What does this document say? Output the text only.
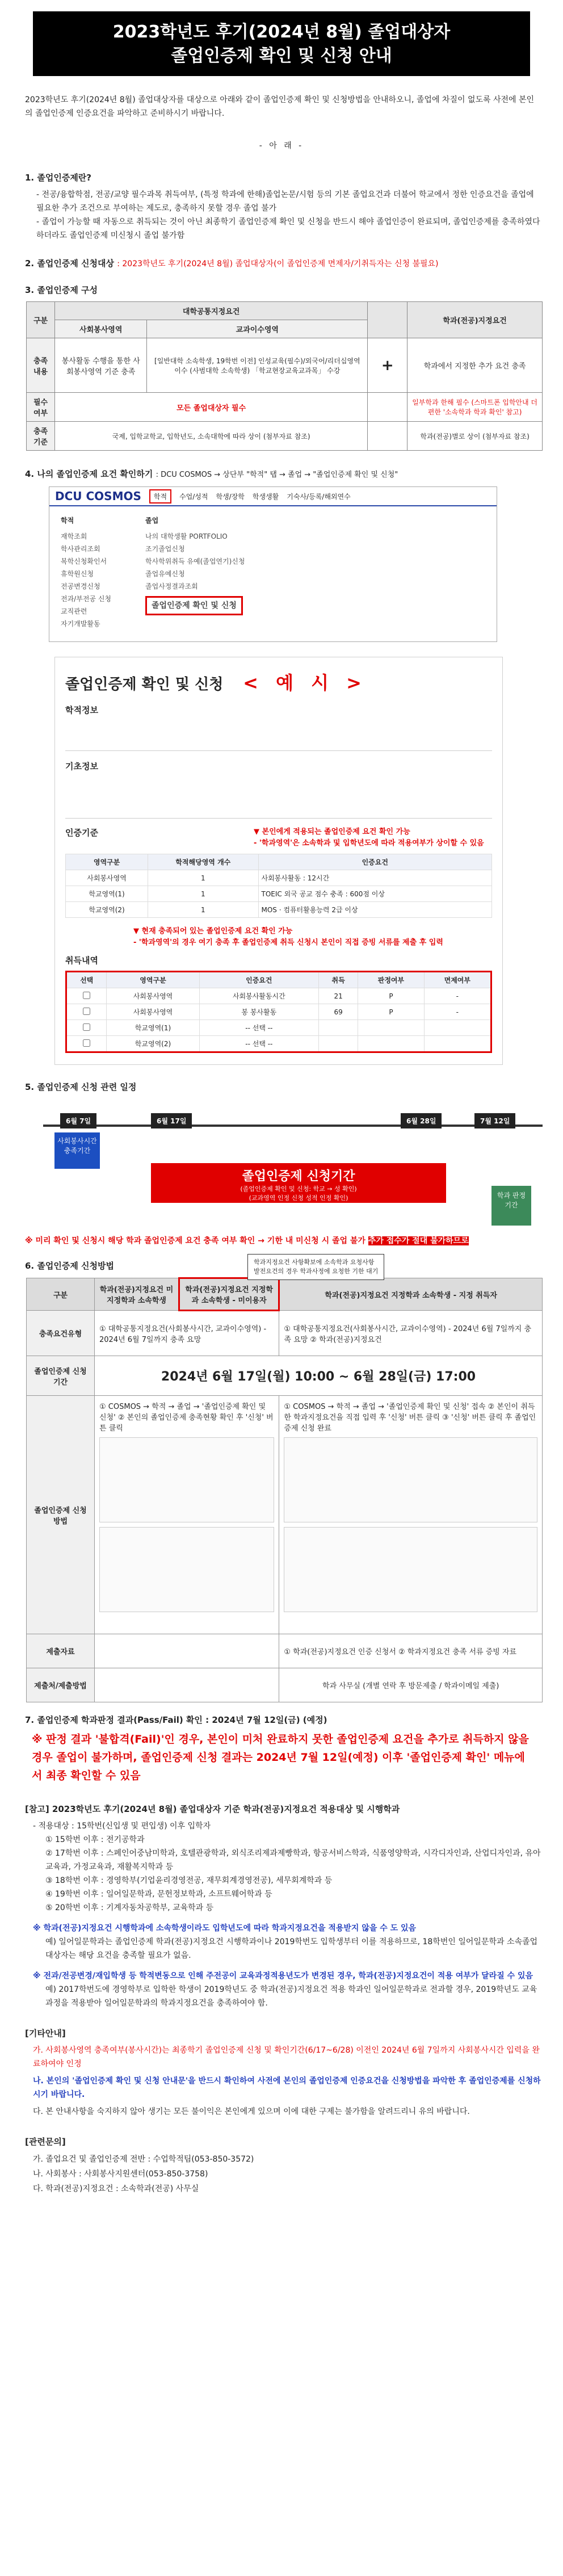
2023학년도 후기(2024년 8월) 졸업대상자
졸업인증제 확인 및 신청 안내

2023학년도 후기(2024년 8월) 졸업대상자를 대상으로 아래와 같이 졸업인증제 확인 및 신청방법을 안내하오니, 졸업에 차질이 없도록 사전에 본인의 졸업인증제 인증요건을 파악하고 준비하시기 바랍니다.

- 아 래 -
1. 졸업인증제란?

- 전공/융합학점, 전공/교양 필수과목 취득여부, (특정 학과에 한해)졸업논문/시험 등의 기본 졸업요건과 더불어 학교에서 정한 인증요건을 졸업에 필요한 추가 조건으로 부여하는 제도로, 충족하지 못할 경우 졸업 불가

- 졸업이 가능할 때 자동으로 취득되는 것이 아닌 최종학기 졸업인증제 확인 및 신청을 반드시 해야 졸업인증이 완료되며, 졸업인증제를 충족하였다 하더라도 졸업인증제 미신청시 졸업 불가함

2. 졸업인증제 신청대상 : 2023학년도 후기(2024년 8월) 졸업대상자(이 졸업인증제 면제자/기취득자는 신청 불필요)
3. 졸업인증제 구성
구분	대학공통지정요건			학과(전공)지정요건
	사회봉사영역	교과이수영역		
충족 내용	봉사활동 수행을 통한 사회봉사영역 기준 충족	[일반대학 소속학생, 19학번 이전] 인성교육(필수)/외국어/리더십영역 이수 (사범대학 소속학생) 「학교현장교육교과목」 수강	+	학과에서 지정한 추가 요건 충족
필수 여부	모든 졸업대상자 필수			일부학과 한해 필수 (스마트폰 입학안내 더 편한 '소속학과 학과 확인' 참고)
충족 기준	국제, 입학교학교, 입학년도, 소속대학에 따라 상이 (첨부자료 참조)			학과(전공)별로 상이 (첨부자료 참조)
4. 나의 졸업인증제 요건 확인하기 : DCU COSMOS → 상단부 "학적" 탭 → 졸업 → "졸업인증제 확인 및 신청"
DCU COSMOS	학적	수업/성적 학생/장학 학생생활 기숙사/등록/해외연수
학적
재학조회
학사관리조회
복학신청확인서
휴학원신청
전공변경신청
전과/부전공 신청
교직관련
자기개발활동
졸업
나의 대학생활 PORTFOLIO
조기졸업신청
학사학위취득 유예(졸업연기)신청
졸업유예신청
졸업사정결과조회
졸업인증제 확인 및 신청
졸업인증제 확인 및 신청 < 예 시 >
학적정보
기초정보
인증기준	▼ 본인에게 적용되는 졸업인증제 요건 확인 가능
- '학과영역'은 소속학과 및 입학년도에 따라 적용여부가 상이할 수 있음
영역구분	학적해당영역 개수	인증요건
사회봉사영역	1	사회봉사활동 : 12시간
학교영역(1)	1	TOEIC 외국 공교 점수 충족 : 600점 이상
학교영역(2)	1	MOS · 컴퓨터활용능력 2급 이상
▼ 현재 충족되어 있는 졸업인증제 요건 확인 가능
- '학과영역'의 경우 여기 충족 후 졸업인증제 취득 신청시 본인이 직접 증빙 서류를 제출 후 입력
취득내역
선택	영역구분	인증요건	취득	판정여부	면제여부
	사회봉사영역	사회봉사활동시간	21	P	-
	사회봉사영역	봉 봉사활동	69	P	-
	학교영역(1)	-- 선택 --			
	학교영역(2)	-- 선택 --			
5. 졸업인증제 신청 관련 일정
6월 7일	6월 17일	6월 28일	7월 12일
사회봉사시간 충족기간
졸업인증제 신청기간
(졸업인증제 확인 및 신청: 학교 → 성 확인)
(교과영역 인정 신청 성적 인정 확인)	학과 판정 기간
※ 미리 확인 및 신청시 해당 학과 졸업인증제 요건 충족 여부 확인 → 기한 내 미신청 시 졸업 불가 추가 접수가 절대 불가하므로
6. 졸업인증제 신청방법	학과지정요건 사항확보에 소속학과 요청사항
발전요건의 경우 학과사정에 요청한 기한 대기
구분	학과(전공)지정요건 미지정학과 소속학생	학과(전공)지정요건 지정학과 소속학생 - 미이용자	학과(전공)지정요건 지정학과 소속학생 - 지정 취득자
충족요건유형	① 대학공통지정요건(사회봉사시간, 교과이수영역) - 2024년 6월 7일까지 충족 요망		① 대학공통지정요건(사회봉사시간, 교과이수영역) - 2024년 6월 7일까지 충족 요망 ② 학과(전공)지정요건
졸업인증제 신청기간	2024년 6월 17일(월) 10:00 ~ 6월 28일(금) 17:00		
졸업인증제 신청방법	① COSMOS → 학적 → 졸업 → '졸업인증제 확인 및 신청' ② 본인의 졸업인증제 충족현황 확인 후 '신청' 버튼 클릭		① COSMOS → 학적 → 졸업 → '졸업인증제 확인 및 신청' 접속 ② 본인이 취득한 학과지정요건을 직접 입력 후 '신청' 버튼 클릭 ③ '신청' 버튼 클릭 후 졸업인증제 신청 완료

제출자료			① 학과(전공)지정요건 인증 신청서 ② 학과지정요건 충족 서류 증빙 자료
제출처/제출방법			학과 사무실 (개별 연락 후 방문제출 / 학과이메일 제출)
7. 졸업인증제 학과판정 결과(Pass/Fail) 확인 : 2024년 7월 12일(금) (예정)
※ 판정 결과 '불합격(Fail)'인 경우, 본인이 미처 완료하지 못한 졸업인증제 요건을 추가로 취득하지 않을 경우 졸업이 불가하며, 졸업인증제 신청 결과는 2024년 7월 12일(예정) 이후 '졸업인증제 확인' 메뉴에서 최종 확인할 수 있음
[참고] 2023학년도 후기(2024년 8월) 졸업대상자 기준 학과(전공)지정요건 적용대상 및 시행학과
- 적용대상 : 15학번(신입생 및 편입생) 이후 입학자
① 15학번 이후 : 전기공학과
② 17학번 이후 : 스페인어중남미학과, 호텔관광학과, 외식조리제과제빵학과, 항공서비스학과, 식품영양학과, 시각디자인과, 산업디자인과, 유아교육과, 가정교육과, 재활복지학과 등
③ 18학번 이후 : 경영학부(기업윤리경영전공, 재무회계경영전공), 세무회계학과 등
④ 19학번 이후 : 일어일문학과, 문헌정보학과, 소프트웨어학과 등
⑤ 20학번 이후 : 기계자동차공학부, 교육학과 등
※ 학과(전공)지정요건 시행학과에 소속학생이라도 입학년도에 따라 학과지정요건을 적용받지 않을 수 도 있음
예) 일어일문학과는 졸업인증제 학과(전공)지정요건 시행학과이나 2019학번도 입학생부터 이를 적용하므로, 18학번인 일어일문학과 소속졸업대상자는 해당 요건을 충족할 필요가 없음.
※ 전과/전공변경/재입학생 등 학적변동으로 인해 주전공이 교육과정적용년도가 변경된 경우, 학과(전공)지정요건이 적용 여부가 달라질 수 있음
예) 2017학번도에 경영학부로 입학한 학생이 2019학년도 중 학과(전공)지정요건 적용 학과인 일어일문학과로 전과할 경우, 2019학년도 교육과정을 적용받아 일어일문학과의 학과지정요건을 충족하여야 함.
[기타안내]
가. 사회봉사영역 충족여부(봉사시간)는 최종학기 졸업인증제 신청 및 확인기간(6/17~6/28) 이전인 2024년 6월 7일까지 사회봉사시간 입력을 완료하여야 인정
나. 본인의 '졸업인증제 확인 및 신청 안내문'을 반드시 확인하여 사전에 본인의 졸업인증제 인증요건을 신청방법을 파악한 후 졸업인증제를 신청하시기 바랍니다.
다. 본 안내사항을 숙지하지 않아 생기는 모든 불이익은 본인에게 있으며 이에 대한 구제는 불가함을 알려드리니 유의 바랍니다.
[관련문의]
가. 졸업요건 및 졸업인증제 전반 : 수업학적팀(053-850-3572)
나. 사회봉사 : 사회봉사지원센터(053-850-3758)
다. 학과(전공)지정요건 : 소속학과(전공) 사무실
